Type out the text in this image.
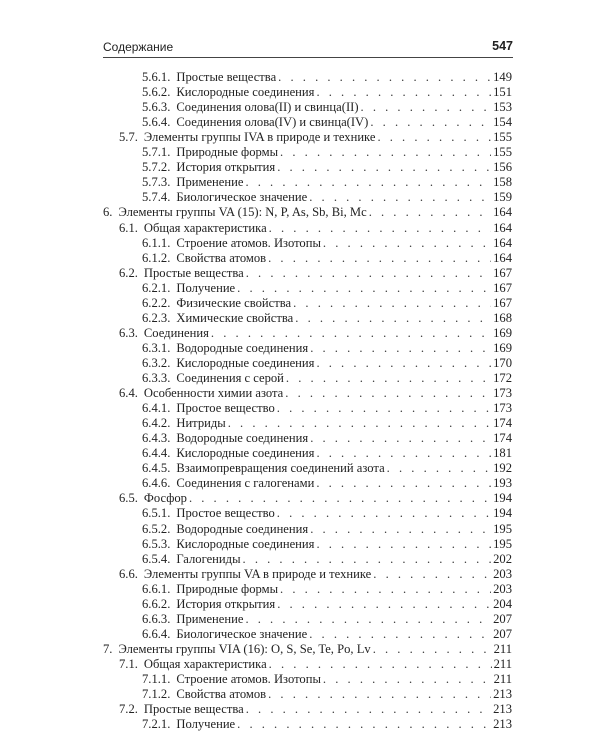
Содержание	547
5.6.1. Простые вещества . . .	149
5.6.2. Кислородные соединения . . .	151
5.6.3. Соединения олова(II) и свинца(II) . . .	153
5.6.4. Соединения олова(IV) и свинца(IV) . . .	154
5.7. Элементы группы IVA в природе и технике . . .	155
5.7.1. Природные формы . . .	155
5.7.2. История открытия . . .	156
5.7.3. Применение . . .	158
5.7.4. Биологическое значение . . .	159
6. Элементы группы VA (15): N, P, As, Sb, Bi, Mc . . .	164
6.1. Общая характеристика . . .	164
6.1.1. Строение атомов. Изотопы . . .	164
6.1.2. Свойства атомов . . .	164
6.2. Простые вещества . . .	167
6.2.1. Получение . . .	167
6.2.2. Физические свойства . . .	167
6.2.3. Химические свойства . . .	168
6.3. Соединения . . .	169
6.3.1. Водородные соединения . . .	169
6.3.2. Кислородные соединения . . .	170
6.3.3. Соединения с серой . . .	172
6.4. Особенности химии азота . . .	173
6.4.1. Простое вещество . . .	173
6.4.2. Нитриды . . .	174
6.4.3. Водородные соединения . . .	174
6.4.4. Кислородные соединения . . .	181
6.4.5. Взаимопревращения соединений азота . . .	192
6.4.6. Соединения с галогенами . . .	193
6.5. Фосфор . . .	194
6.5.1. Простое вещество . . .	194
6.5.2. Водородные соединения . . .	195
6.5.3. Кислородные соединения . . .	195
6.5.4. Галогениды . . .	202
6.6. Элементы группы VA в природе и технике . . .	203
6.6.1. Природные формы . . .	203
6.6.2. История открытия . . .	204
6.6.3. Применение . . .	207
6.6.4. Биологическое значение . . .	207
7. Элементы группы VIA (16): O, S, Se, Te, Po, Lv . . .	211
7.1. Общая характеристика . . .	211
7.1.1. Строение атомов. Изотопы . . .	211
7.1.2. Свойства атомов . . .	213
7.2. Простые вещества . . .	213
7.2.1. Получение . . .	213
